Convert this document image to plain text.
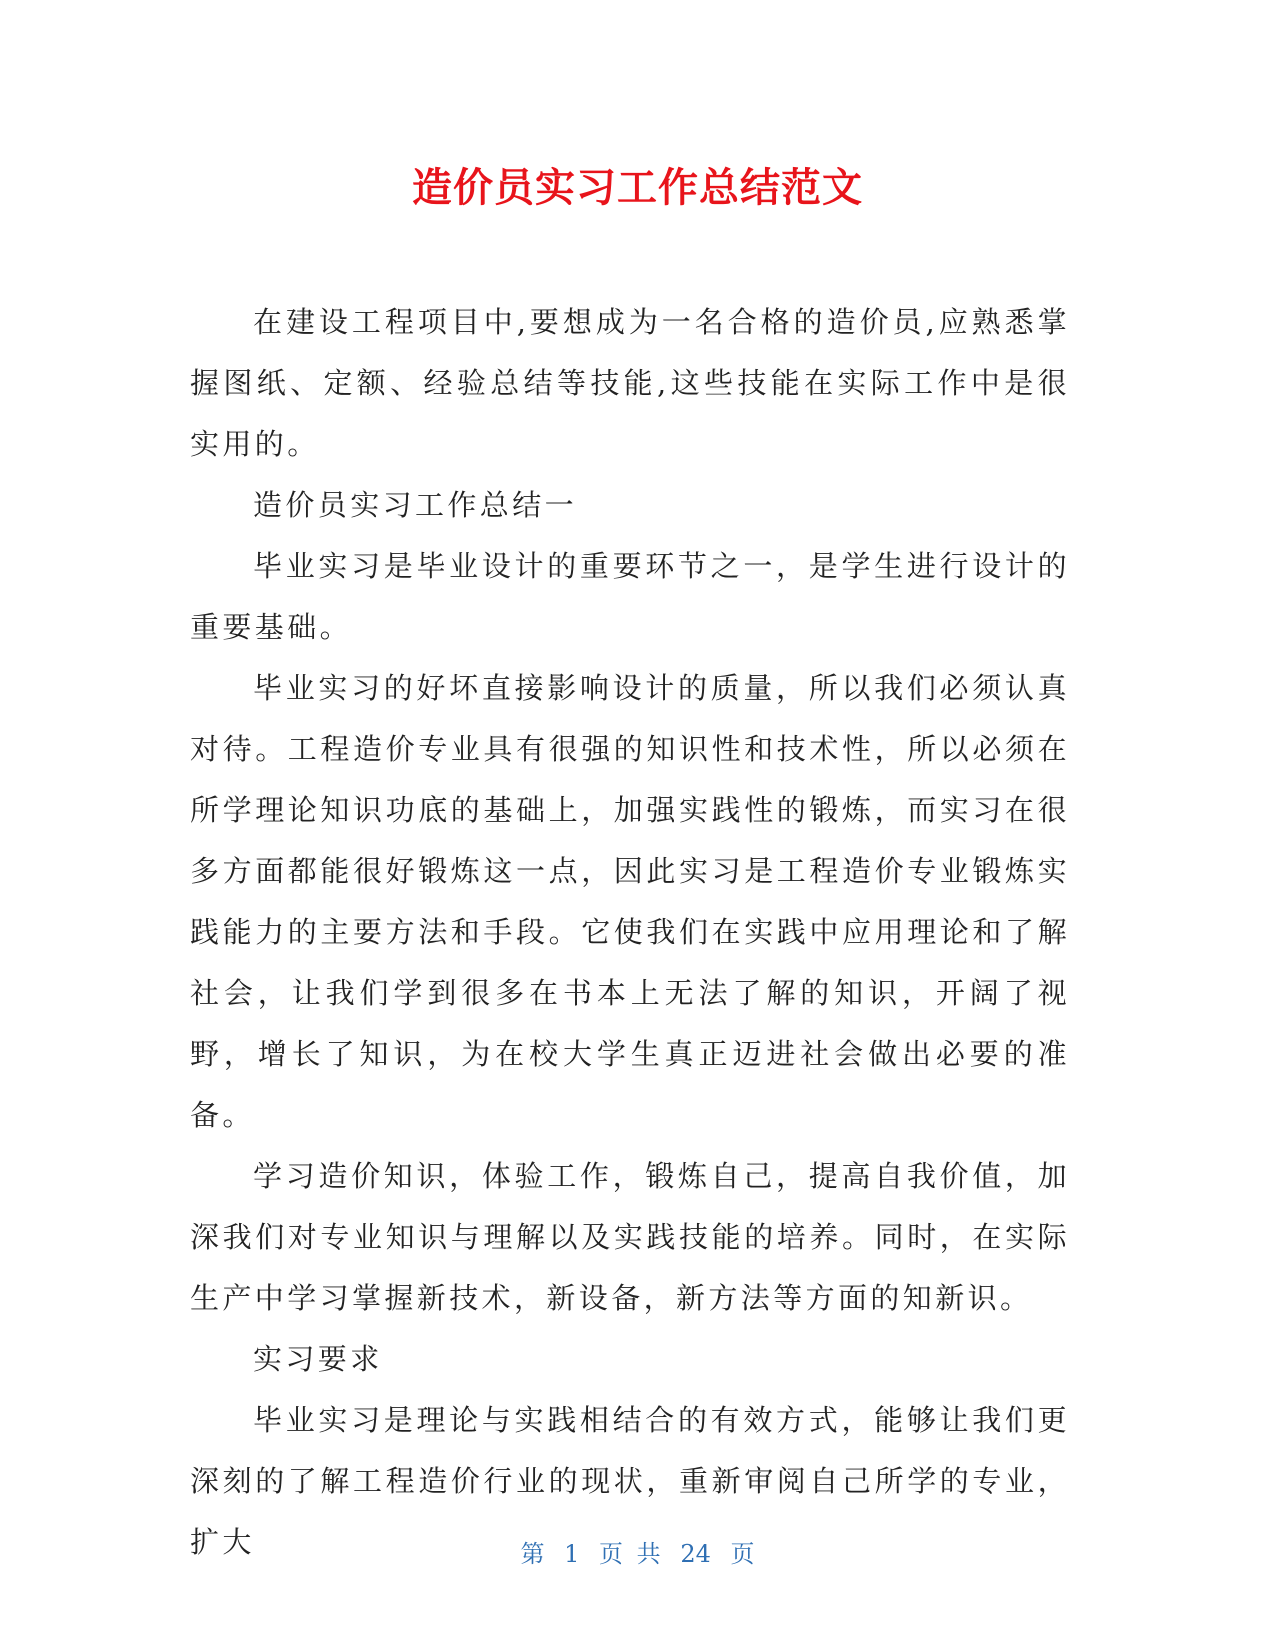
造价员实习工作总结范文

在建设工程项目中,要想成为一名合格的造价员,应熟悉掌握图纸、定额、经验总结等技能,这些技能在实际工作中是很实用的。

造价员实习工作总结一

毕业实习是毕业设计的重要环节之一，是学生进行设计的重要基础。

毕业实习的好坏直接影响设计的质量，所以我们必须认真对待。工程造价专业具有很强的知识性和技术性，所以必须在所学理论知识功底的基础上，加强实践性的锻炼，而实习在很多方面都能很好锻炼这一点，因此实习是工程造价专业锻炼实践能力的主要方法和手段。它使我们在实践中应用理论和了解社会，让我们学到很多在书本上无法了解的知识，开阔了视野，增长了知识，为在校大学生真正迈进社会做出必要的准备。

学习造价知识，体验工作，锻炼自己，提高自我价值，加深我们对专业知识与理解以及实践技能的培养。同时，在实际生产中学习掌握新技术，新设备，新方法等方面的知新识。

实习要求

毕业实习是理论与实践相结合的有效方式，能够让我们更深刻的了解工程造价行业的现状，重新审阅自己所学的专业，扩大	第 1 页 共 24 页
